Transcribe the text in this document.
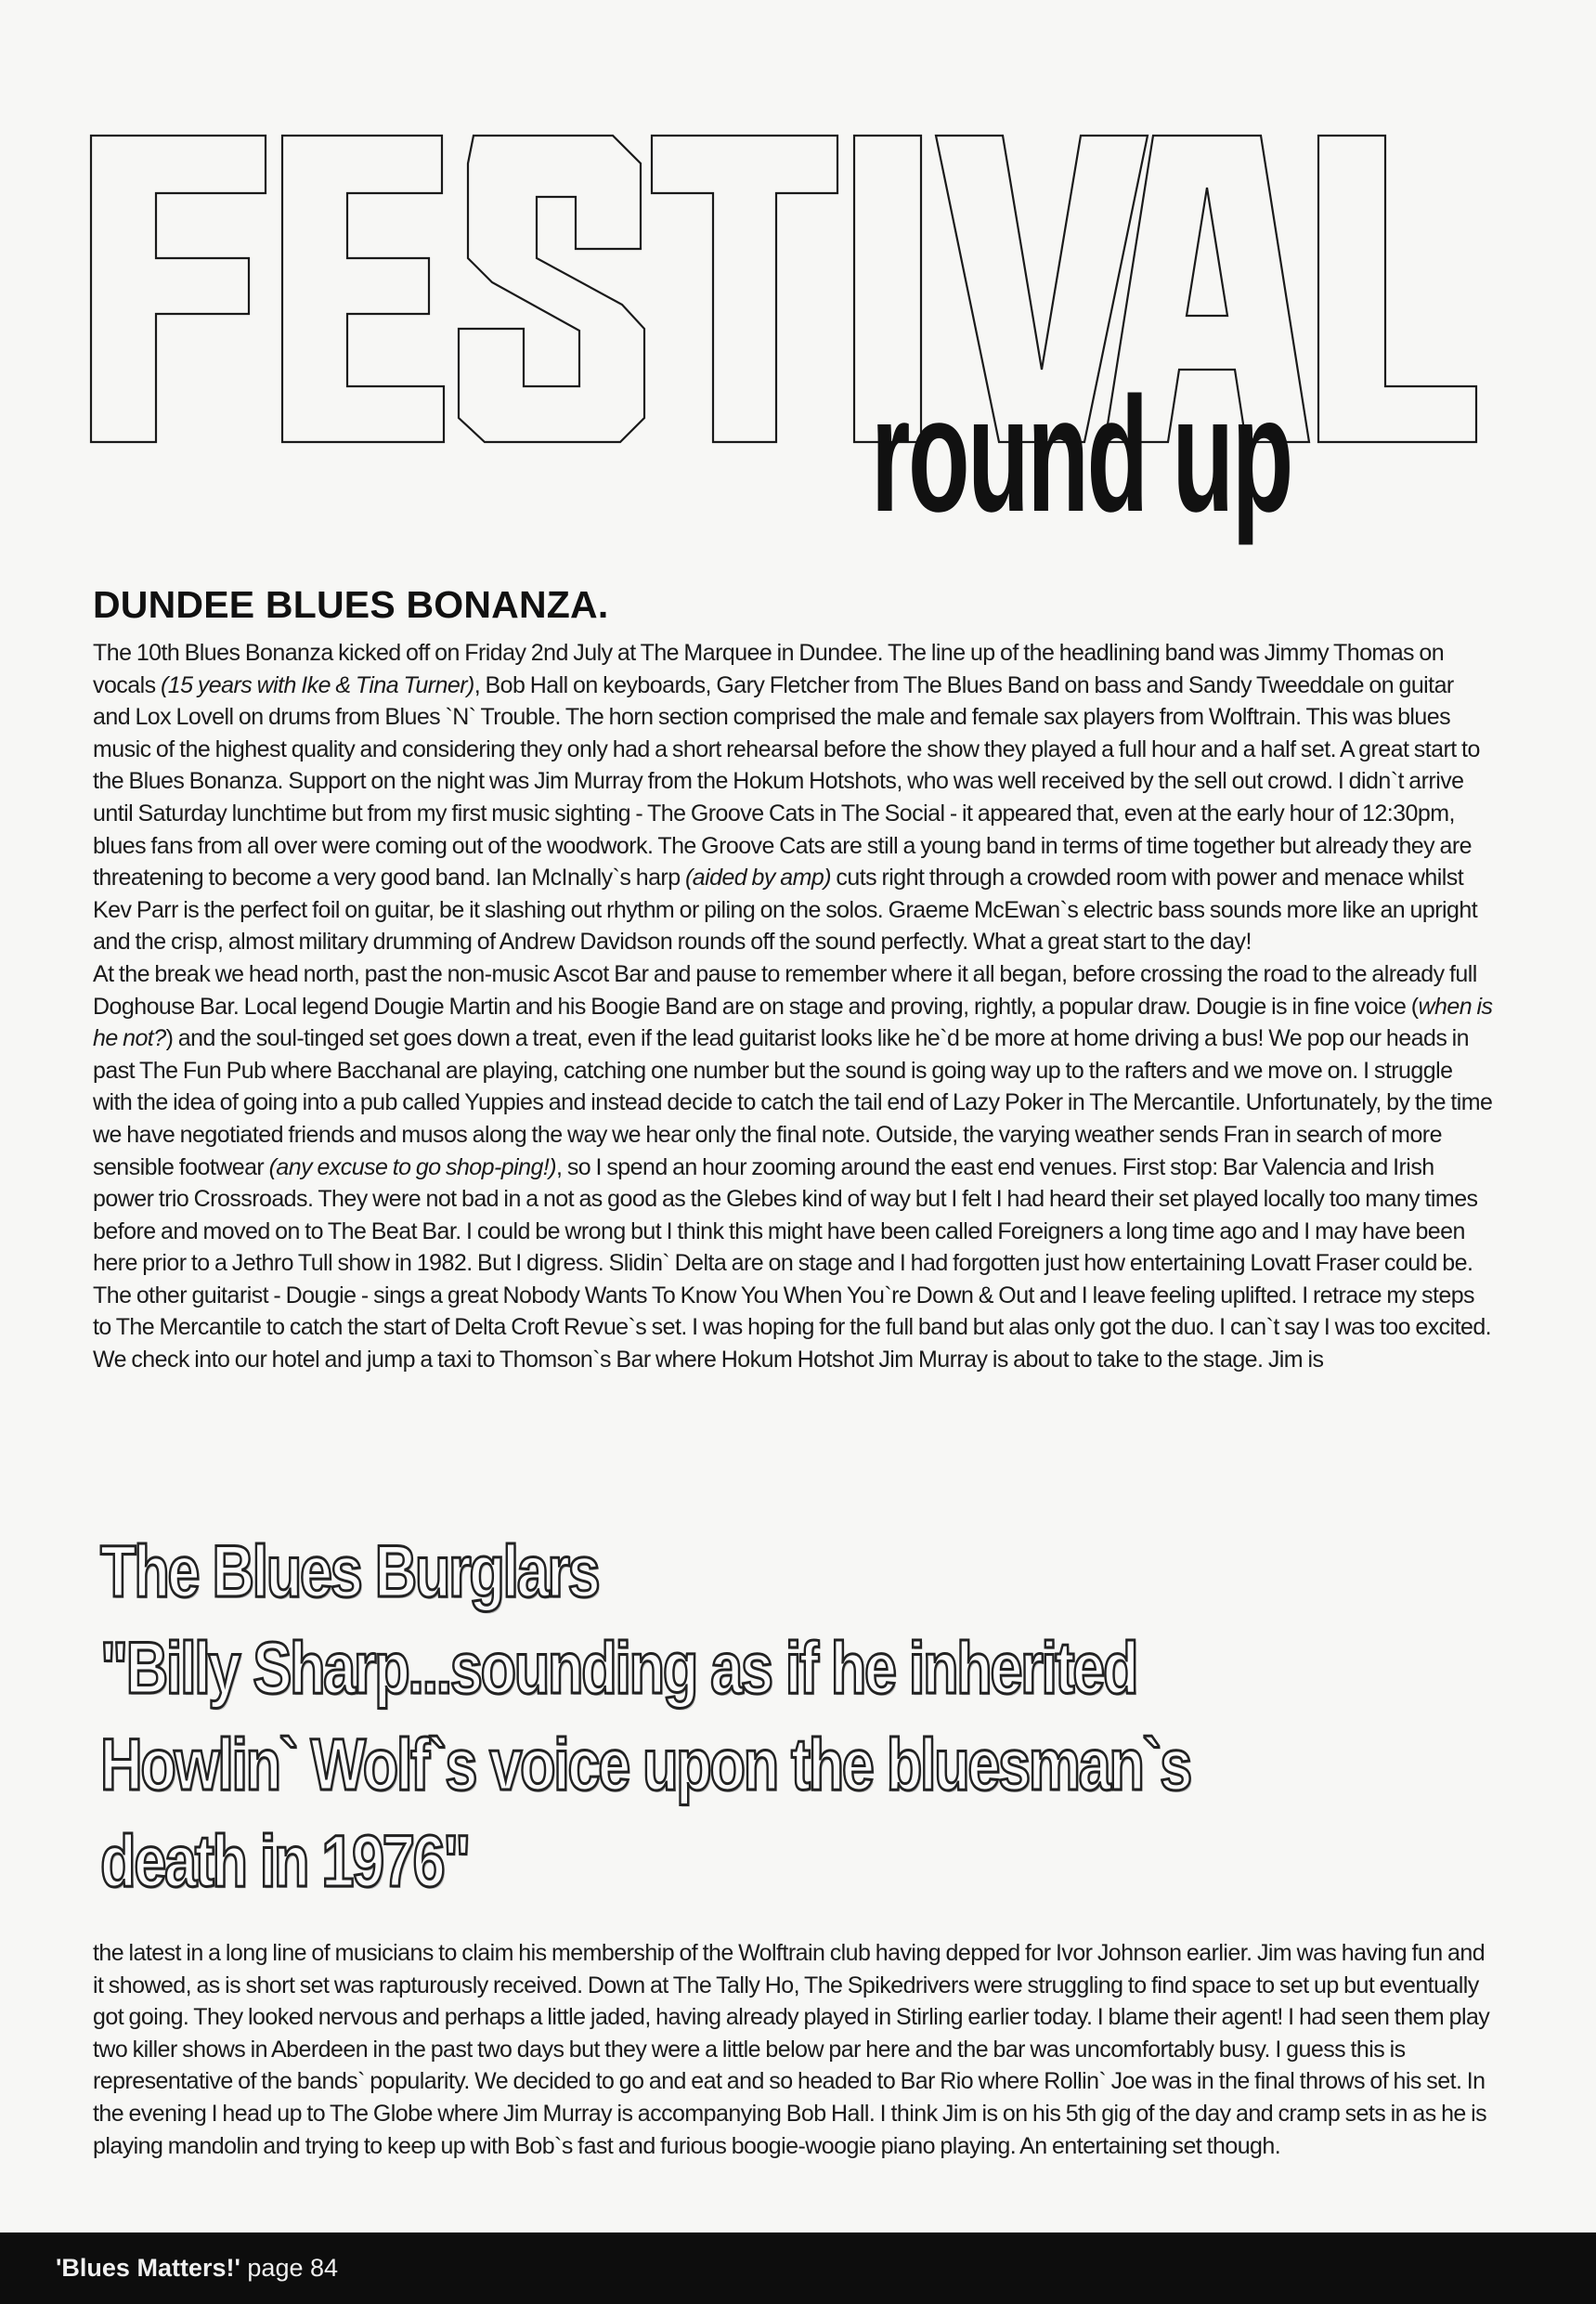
round up
DUNDEE BLUES BONANZA.

The 10th Blues Bonanza kicked off on Friday 2nd July at The Marquee in Dundee. The line up of the headlining band was Jimmy Thomas on vocals (15 years with Ike & Tina Turner), Bob Hall on keyboards, Gary Fletcher from The Blues Band on bass and Sandy Tweeddale on guitar and Lox Lovell on drums from Blues `N` Trouble. The horn section comprised the male and female sax players from Wolftrain. This was blues music of the highest quality and considering they only had a short rehearsal before the show they played a full hour and a half set. A great start to the Blues Bonanza. Support on the night was Jim Murray from the Hokum Hotshots, who was well received by the sell out crowd. I didn`t arrive until Saturday lunchtime but from my first music sighting - The Groove Cats in The Social - it appeared that, even at the early hour of 12:30pm, blues fans from all over were coming out of the woodwork. The Groove Cats are still a young band in terms of time together but already they are threatening to become a very good band. Ian McInally`s harp (aided by amp) cuts right through a crowded room with power and menace whilst Kev Parr is the perfect foil on guitar, be it slashing out rhythm or piling on the solos. Graeme McEwan`s electric bass sounds more like an upright and the crisp, almost military drumming of Andrew Davidson rounds off the sound perfectly. What a great start to the day!

At the break we head north, past the non-music Ascot Bar and pause to remember where it all began, before crossing the road to the already full Doghouse Bar. Local legend Dougie Martin and his Boogie Band are on stage and proving, rightly, a popular draw. Dougie is in fine voice (when is he not?) and the soul-tinged set goes down a treat, even if the lead guitarist looks like he`d be more at home driving a bus! We pop our heads in past The Fun Pub where Bacchanal are playing, catching one number but the sound is going way up to the rafters and we move on. I struggle with the idea of going into a pub called Yuppies and instead decide to catch the tail end of Lazy Poker in The Mercantile. Unfortunately, by the time we have negotiated friends and musos along the way we hear only the final note. Outside, the varying weather sends Fran in search of more sensible footwear (any excuse to go shop-ping!), so I spend an hour zooming around the east end venues. First stop: Bar Valencia and Irish power trio Crossroads. They were not bad in a not as good as the Glebes kind of way but I felt I had heard their set played locally too many times before and moved on to The Beat Bar. I could be wrong but I think this might have been called Foreigners a long time ago and I may have been here prior to a Jethro Tull show in 1982. But I digress. Slidin` Delta are on stage and I had forgotten just how entertaining Lovatt Fraser could be. The other guitarist - Dougie - sings a great Nobody Wants To Know You When You`re Down & Out and I leave feeling uplifted. I retrace my steps to The Mercantile to catch the start of Delta Croft Revue`s set. I was hoping for the full band but alas only got the duo. I can`t say I was too excited.

We check into our hotel and jump a taxi to Thomson`s Bar where Hokum Hotshot Jim Murray is about to take to the stage. Jim is

The Blues Burglars
"Billy Sharp...sounding as if he inherited
Howlin` Wolf`s voice upon the bluesman`s
death in 1976"

the latest in a long line of musicians to claim his membership of the Wolftrain club having depped for Ivor Johnson earlier. Jim was having fun and it showed, as is short set was rapturously received. Down at The Tally Ho, The Spikedrivers were struggling to find space to set up but eventually got going. They looked nervous and perhaps a little jaded, having already played in Stirling earlier today. I blame their agent! I had seen them play two killer shows in Aberdeen in the past two days but they were a little below par here and the bar was uncomfortably busy. I guess this is representative of the bands` popularity. We decided to go and eat and so headed to Bar Rio where Rollin` Joe was in the final throws of his set. In the evening I head up to The Globe where Jim Murray is accompanying Bob Hall. I think Jim is on his 5th gig of the day and cramp sets in as he is playing mandolin and trying to keep up with Bob`s fast and furious boogie-woogie piano playing. An entertaining set though.

'Blues Matters!' page 84
